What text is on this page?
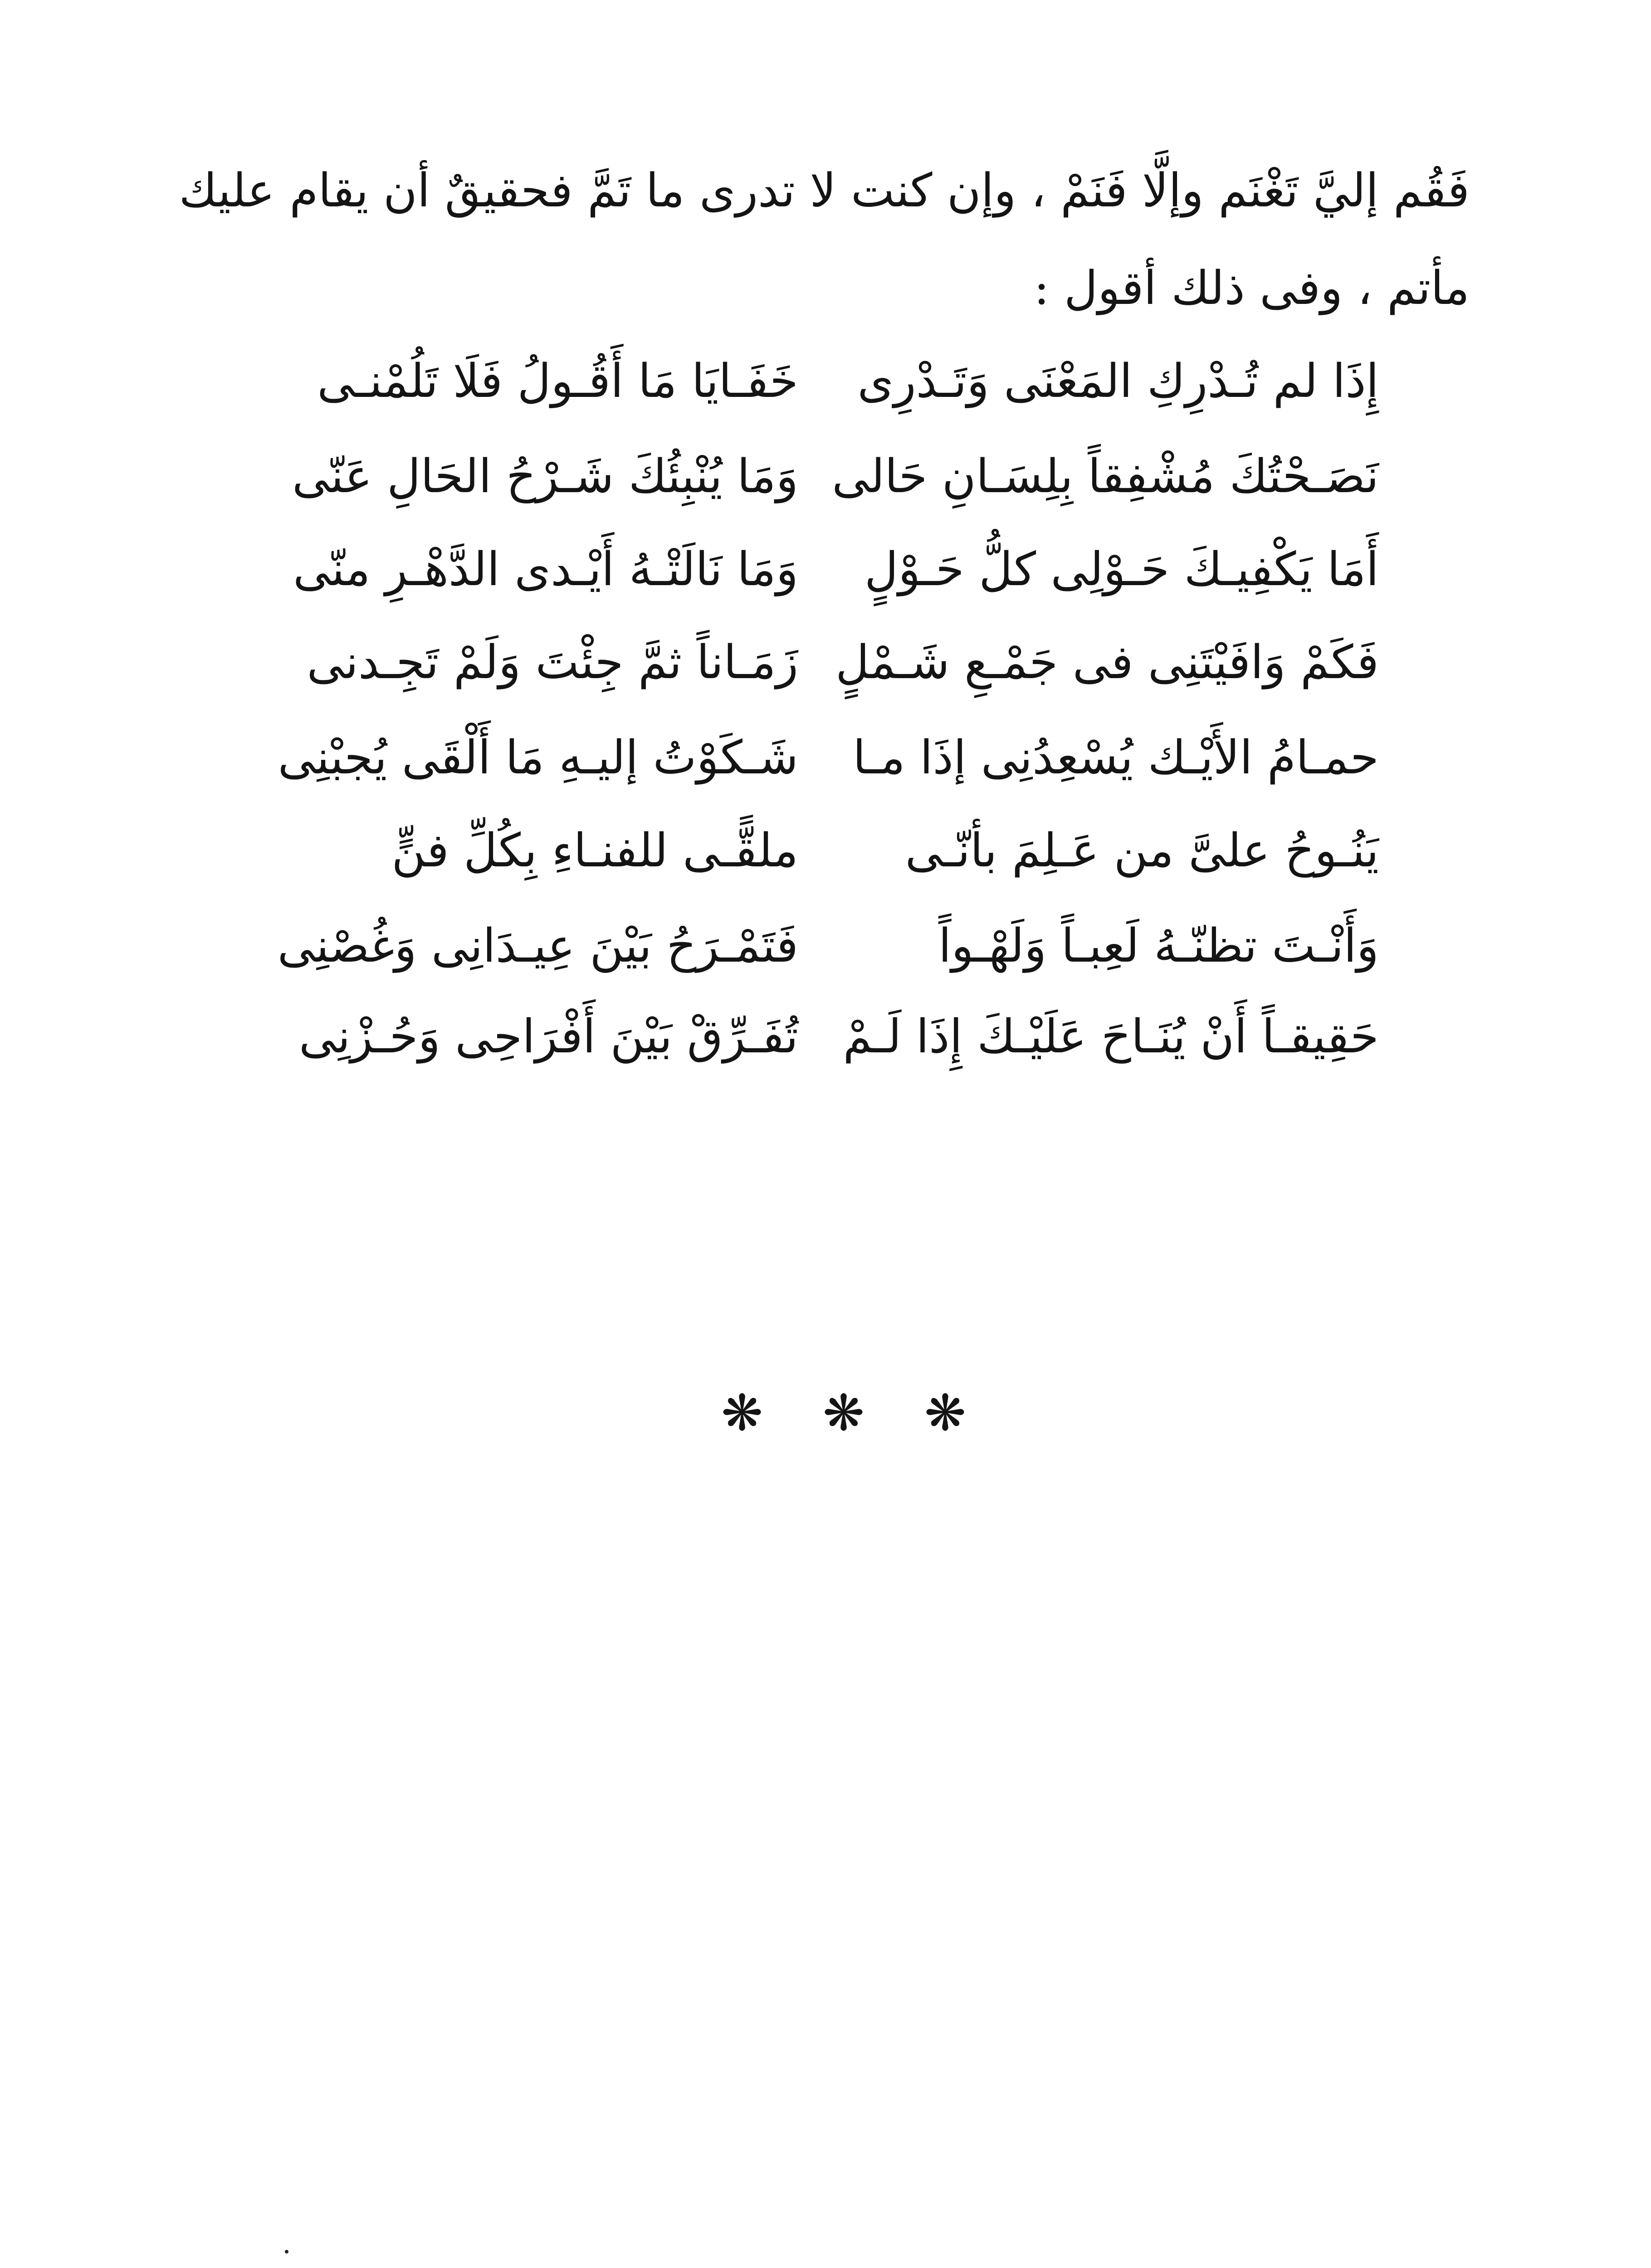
فَقُم إليَّ تَغْنَم وإلَّا فَنَمْ ، وإن كنت لا تدرى ما تَمَّ فحقيقٌ أن يقام عليك
مأتم ، وفى ذلك أقول :
إِذَا لم تُـدْرِكِ المَعْنَى وَتَـدْرِى
خَفَـايَا مَا أَقُـولُ فَلَا تَلُمْنـى
نَصَـحْتُكَ مُشْفِقاً بِلِسَـانِ حَالى
وَمَا يُنْبِئُكَ شَـرْحُ الحَالِ عَنّى
أَمَا يَكْفِيـكَ حَـوْلِى كلُّ حَـوْلٍ
وَمَا نَالَتْـهُ أَيْـدى الدَّهْـرِ منّى
فَكَمْ وَافَيْتَنِى فى جَمْـعِ شَـمْلٍ
زَمَـاناً ثمَّ جِئْتَ وَلَمْ تَجِـدنى
حمـامُ الأَيْـك يُسْعِدُنِى إذَا مـا
شَـكَوْتُ إليـهِ مَا أَلْقَى يُجبْنِى
يَنُـوحُ علىَّ من عَـلِمَ بأنّـى
ملقًّـى للفنـاءِ بِكُلِّ فنٍّ
وَأَنْـتَ تظنّـهُ لَعِبـاً وَلَهْـواً
فَتَمْـرَحُ بَيْنَ عِيـدَانِى وَغُصْنِى
حَقِيقـاً أَنْ يُنَـاحَ عَلَيْـكَ إِذَا لَـمْ
تُفَـرِّقْ بَيْنَ أَفْرَاحِى وَحُـزْنِى
❋ ❋ ❋
